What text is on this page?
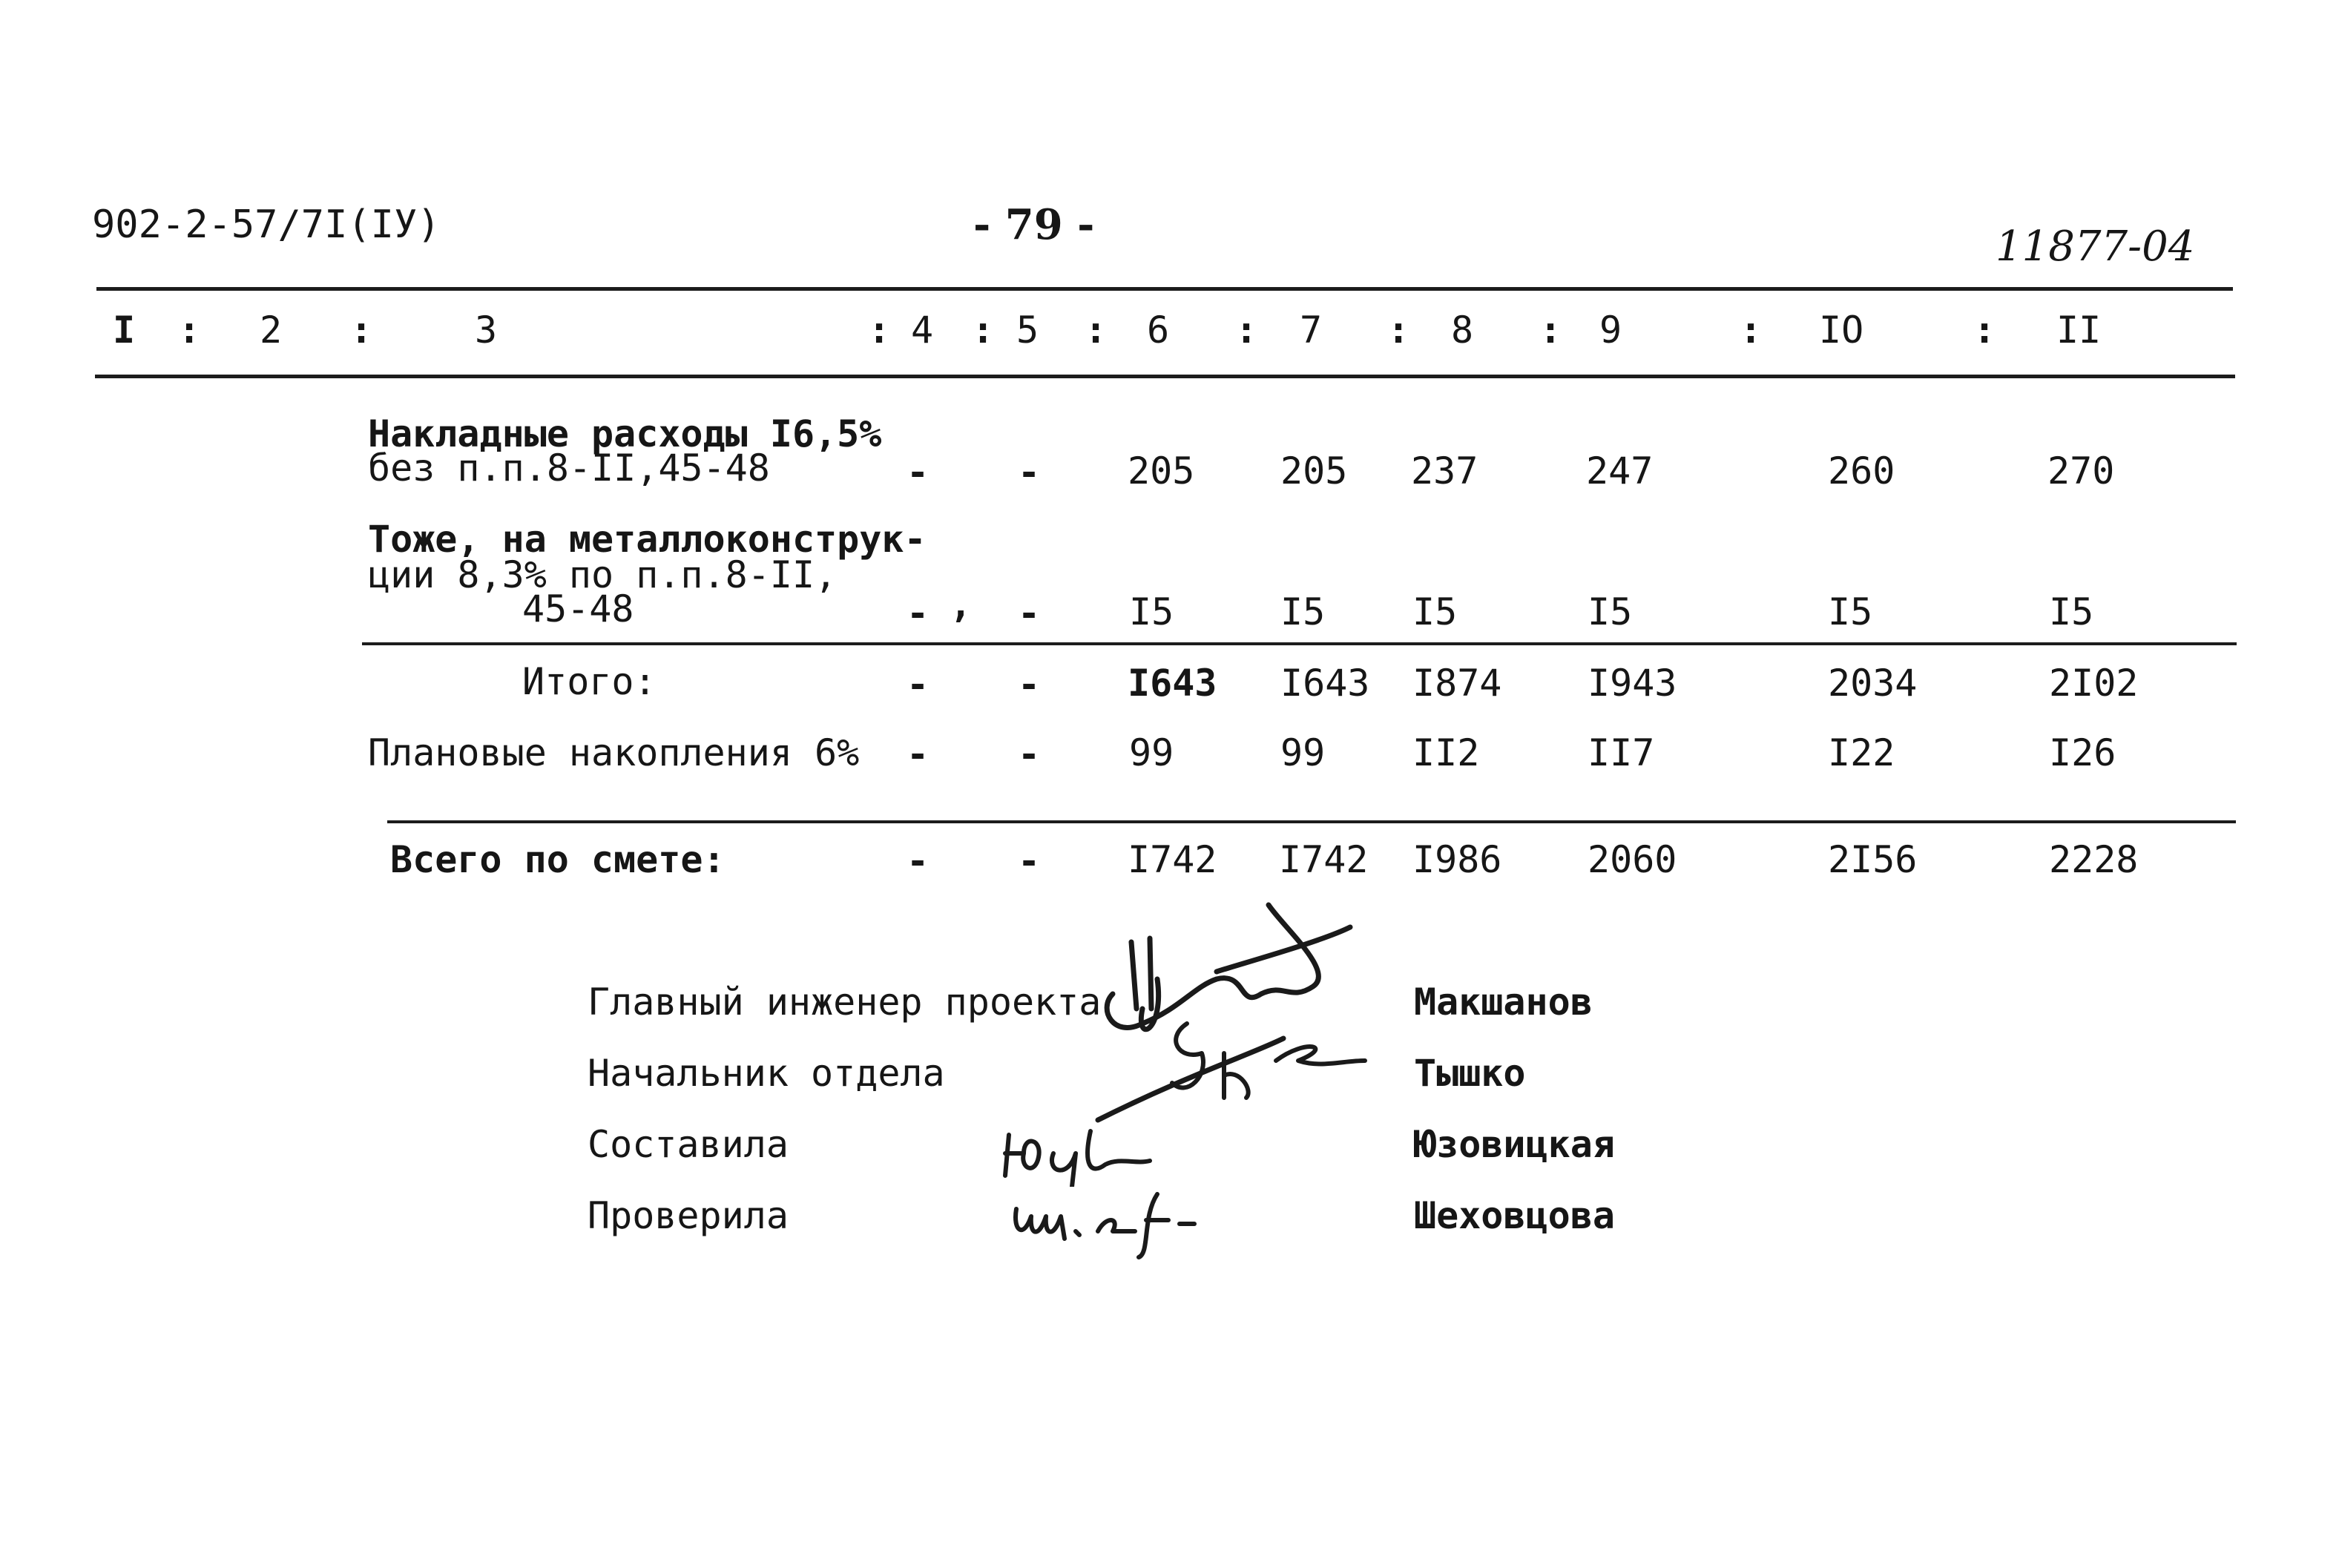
902-2-57/7I(IУ)	- 79 -	11877-04
I : 2 :	3	: 4 : 5 : 6 : 7 : 8 : 9	: IO	: II
Накладные расходы I6,5%
без п.п.8-II,45-48	- - 205 205 237	247	260	270
Тоже, на металлоконструк-
ции 8,3% по п.п.8-II,
45-48	- , - I5	I5 I5	I5	I5	I5
Итого:	- - I643 I643 I874 I943	2034	2I02
Плановые накопления 6% - - 99	99 II2	II7	I22	I26
Всего по смете:	- - I742 I742 I986 2060	2I56	2228
Главный инженер проекта	Макшанов
Начальник отдела	Тышко
Составила	Юзовицкая
Проверила	Шеховцова
